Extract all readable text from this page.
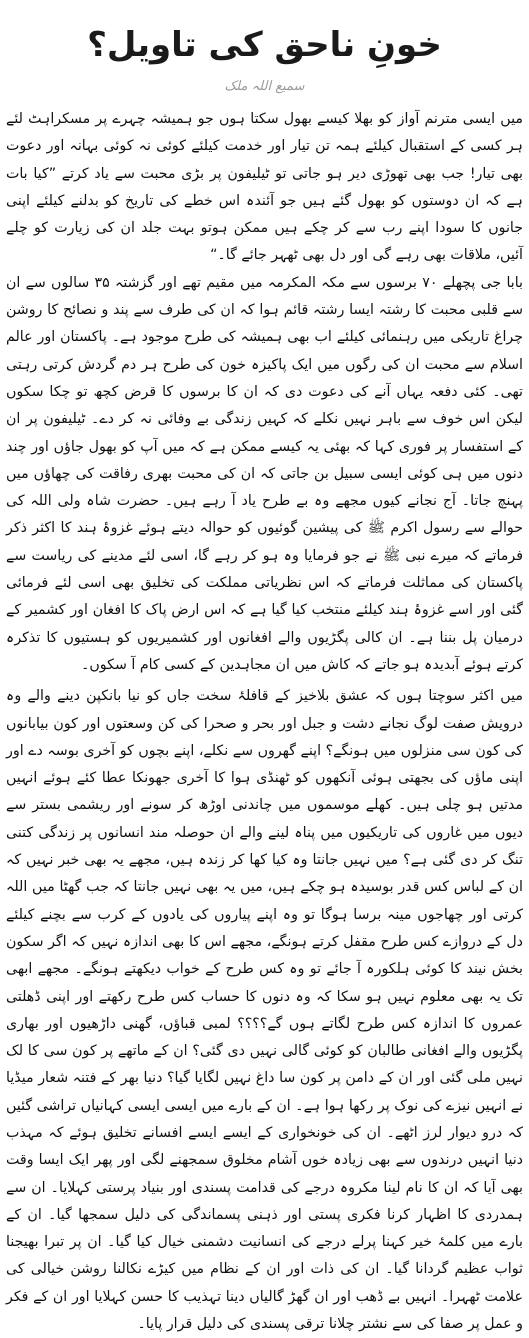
خونِ ناحق کی تاویل؟
سمیع اللہ ملک

میں ایسی مترنم آواز کو بھلا کیسے بھول سکتا ہوں جو ہمیشہ چہرے پر مسکراہٹ لئے ہر کسی کے استقبال کیلئے ہمہ تن تیار اور خدمت کیلئے کوئی نہ کوئی بہانہ اور دعوت بھی تیار! جب بھی تھوڑی دیر ہو جاتی تو ٹیلیفون پر بڑی محبت سے یاد کرتے ”کیا بات ہے کہ ان دوستوں کو بھول گئے ہیں جو آئندہ اس خطے کی تاریخ کو بدلنے کیلئے اپنی جانوں کا سودا اپنے رب سے کر چکے ہیں ممکن ہوتو بہت جلد ان کی زیارت کو چلے آئیں، ملاقات بھی رہے گی اور دل بھی ٹھہر جائے گا۔“

بابا جی پچھلے ۷۰ برسوں سے مکہ المکرمہ میں مقیم تھے اور گزشتہ ۳۵ سالوں سے ان سے قلبی محبت کا رشتہ ایسا رشتہ قائم ہوا کہ ان کی طرف سے پند و نصائح کا روشن چراغ تاریکی میں رہنمائی کیلئے اب بھی ہمیشہ کی طرح موجود ہے۔ پاکستان اور عالم اسلام سے محبت ان کی رگوں میں ایک پاکیزہ خون کی طرح ہر دم گردش کرتی رہتی تھی۔ کئی دفعہ یہاں آنے کی دعوت دی کہ ان کا برسوں کا قرض کچھ تو چکا سکوں لیکن اس خوف سے باہر نہیں نکلے کہ کہیں زندگی بے وفائی نہ کر دے۔ ٹیلیفون پر ان کے استفسار پر فوری کہا کہ بھئی یہ کیسے ممکن ہے کہ میں آپ کو بھول جاؤں اور چند دنوں میں ہی کوئی ایسی سبیل بن جاتی کہ ان کی محبت بھری رفاقت کی چھاؤں میں پہنچ جاتا۔ آج نجانے کیوں مجھے وہ بے طرح یاد آ رہے ہیں۔ حضرت شاہ ولی اللہ کی حوالے سے رسول اکرم ﷺ کی پیشین گوئیوں کو حوالہ دیتے ہوئے غزوۂ ہند کا اکثر ذکر فرماتے کہ میرے نبی ﷺ نے جو فرمایا وہ ہو کر رہے گا، اسی لئے مدینے کی ریاست سے پاکستان کی مماثلت فرماتے کہ اس نظریاتی مملکت کی تخلیق بھی اسی لئے فرمائی گئی اور اسے غزوۂ ہند کیلئے منتخب کیا گیا ہے کہ اس ارض پاک کا افغان اور کشمیر کے درمیان پل بننا ہے۔ ان کالی پگڑیوں والے افغانوں اور کشمیریوں کو ہستیوں کا تذکرہ کرتے ہوئے آبدیدہ ہو جاتے کہ کاش میں ان مجاہدین کے کسی کام آ سکوں۔

میں اکثر سوچتا ہوں کہ عشق بلاخیز کے قافلۂ سخت جاں کو نیا بانکپن دینے والے وہ درویش صفت لوگ نجانے دشت و جبل اور بحر و صحرا کی کن وسعتوں اور کون بیابانوں کی کون سی منزلوں میں ہونگے؟ اپنے گھروں سے نکلے، اپنے بچوں کو آخری بوسہ دے اور اپنی ماؤں کی بجھتی ہوئی آنکھوں کو ٹھنڈی ہوا کا آخری جھونکا عطا کئے ہوئے انہیں مدتیں ہو چلی ہیں۔ کھلے موسموں میں چاندنی اوڑھ کر سونے اور ریشمی بستر سے دیوں میں غاروں کی تاریکیوں میں پناہ لینے والے ان حوصلہ مند انسانوں پر زندگی کتنی تنگ کر دی گئی ہے؟ میں نہیں جانتا وہ کیا کھا کر زندہ ہیں، مجھے یہ بھی خبر نہیں کہ ان کے لباس کس قدر بوسیدہ ہو چکے ہیں، میں یہ بھی نہیں جانتا کہ جب گھٹا میں اللہ کرتی اور چھاجوں مینہ برسا ہوگا تو وہ اپنے پیاروں کی یادوں کے کرب سے بچنے کیلئے دل کے دروازے کس طرح مقفل کرتے ہونگے، مجھے اس کا بھی اندازہ نہیں کہ اگر سکون بخش نیند کا کوئی ہلکورہ آ جائے تو وہ کس طرح کے خواب دیکھتے ہونگے۔ مجھے ابھی تک یہ بھی معلوم نہیں ہو سکا کہ وہ دنوں کا حساب کس طرح رکھتے اور اپنی ڈھلتی عمروں کا اندازہ کس طرح لگاتے ہوں گے؟؟؟؟ لمبی قباؤں، گھنی داڑھیوں اور بھاری پگڑیوں والے افغانی طالبان کو کوئی گالی نہیں دی گئی؟ ان کے ماتھے پر کون سی کا لک نہیں ملی گئی اور ان کے دامن پر کون سا داغ نہیں لگایا گیا؟ دنیا بھر کے فتنہ شعار میڈیا نے انہیں نیزے کی نوک پر رکھا ہوا ہے۔ ان کے بارے میں ایسی ایسی کہانیاں تراشی گئیں کہ درو دیوار لرز اٹھے۔ ان کی خونخواری کے ایسے ایسے افسانے تخلیق ہوئے کہ مہذب دنیا انہیں درندوں سے بھی زیادہ خوں آشام مخلوق سمجھنے لگی اور پھر ایک ایسا وقت بھی آیا کہ ان کا نام لینا مکروہ درجے کی قدامت پسندی اور بنیاد پرستی کہلایا۔ ان سے ہمدردی کا اظہار کرنا فکری پستی اور ذہنی پسماندگی کی دلیل سمجھا گیا۔ ان کے بارے میں کلمۂ خیر کہنا پرلے درجے کی انسانیت دشمنی خیال کیا گیا۔ ان پر تبرا بھیجنا ثواب عظیم گردانا گیا۔ ان کی ذات اور ان کے نظام میں کیڑے نکالنا روشن خیالی کی علامت ٹھہرا۔ انہیں بے ڈھب اور ان گھڑ گالیاں دینا تہذیب کا حسن کہلایا اور ان کے فکر و عمل پر صفا کی سے نشتر چلانا ترقی پسندی کی دلیل قرار پایا۔
